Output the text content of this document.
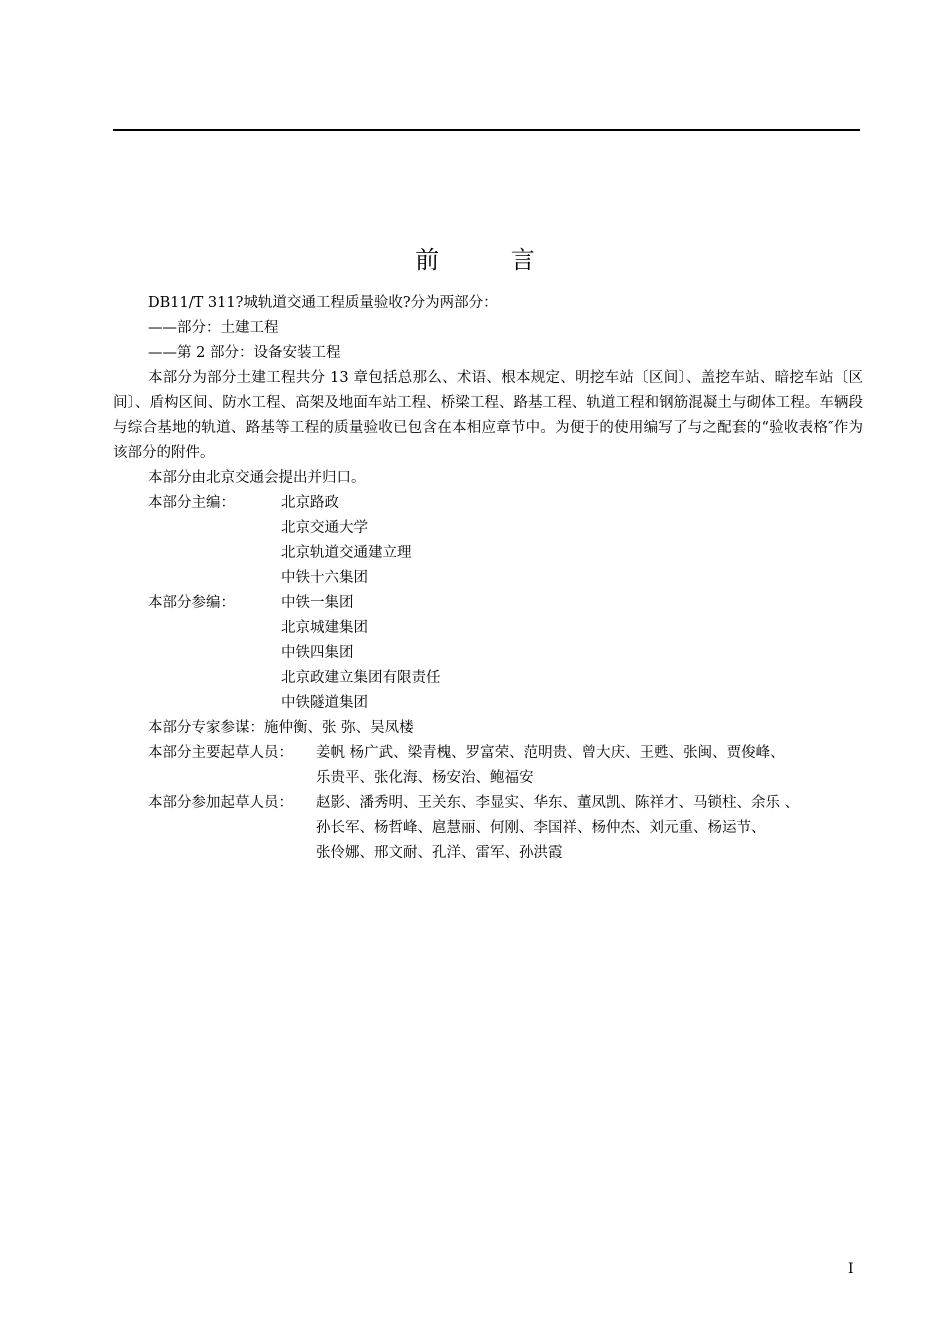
前 言

DB11/T 311?城轨道交通工程质量验收?分为两部分：

——部分：土建工程

——第 2 部分：设备安装工程

本部分为部分土建工程共分 13 章包括总那么、术语、根本规定、明挖车站〔区间〕、盖挖车站、暗挖车站〔区间〕、盾构区间、防水工程、高架及地面车站工程、桥梁工程、路基工程、轨道工程和钢筋混凝土与砌体工程。车辆段与综合基地的轨道、路基等工程的质量验收已包含在本相应章节中。为便于的使用编写了与之配套的“验收表格″作为该部分的附件。

本部分由北京交通会提出并归口。

本部分主编：	北京路政
北京交通大学
北京轨道交通建立理
中铁十六集团
本部分参编：	中铁一集团
北京城建集团
中铁四集团
北京政建立集团有限责任
中铁隧道集团

本部分专家参谋：施仲衡、张 弥、吴凤楼

本部分主要起草人员：	姜帆 杨广武、梁青槐、罗富荣、范明贵、曾大庆、王甦、张闽、贾俊峰、
乐贵平、张化海、杨安治、鲍福安
本部分参加起草人员：	赵影、潘秀明、王关东、李显实、华东、董凤凯、陈祥才、马锁柱、余乐 、
孙长军、杨哲峰、扈慧丽、何刚、李国祥、杨仲杰、刘元重、杨运节、
张伶娜、邢文耐、孔洋、雷军、孙洪霞
I
